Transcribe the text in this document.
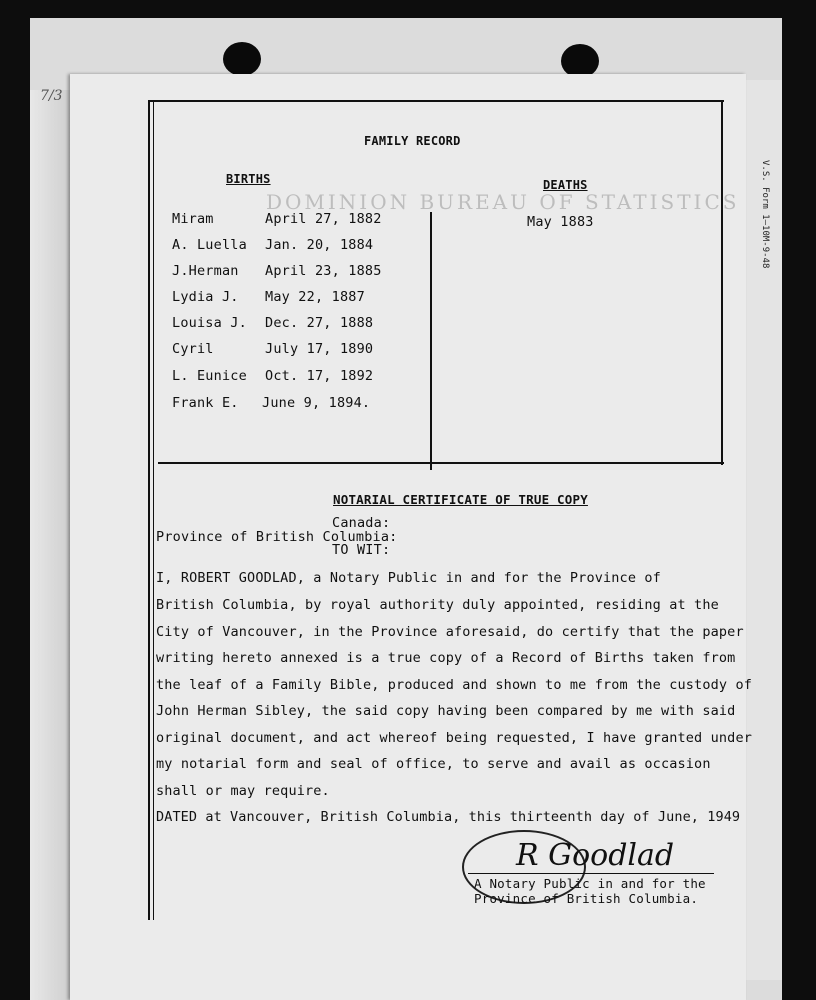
7/3
DOMINION BUREAU OF STATISTICS
FAMILY RECORD
BIRTHS	DEATHS
Miram	April 27, 1882
A. Luella Jan. 20, 1884
J.Herman April 23, 1885
Lydia J. May 22, 1887
Louisa J. Dec. 27, 1888
Cyril	July 17, 1890
L. Eunice Oct. 17, 1892
Frank E. June 9, 1894.
May 1883
NOTARIAL CERTIFICATE OF TRUE COPY
Canada:
Province of British Columbia:
TO WIT:
I, ROBERT GOODLAD, a Notary Public in and for the Province of
British Columbia, by royal authority duly appointed, residing at the
City of Vancouver, in the Province aforesaid, do certify that the paper
writing hereto annexed is a true copy of a Record of Births taken from
the leaf of a Family Bible, produced and shown to me from the custody of
John Herman Sibley, the said copy having been compared by me with said
original document, and act whereof being requested, I have granted under
my notarial form and seal of office, to serve and avail as occasion
shall or may require.
DATED at Vancouver, British Columbia, this thirteenth day of June, 1949
R Goodlad
A Notary Public in and for the
Province of British Columbia.
V.S. Form 1—10M-9-48
